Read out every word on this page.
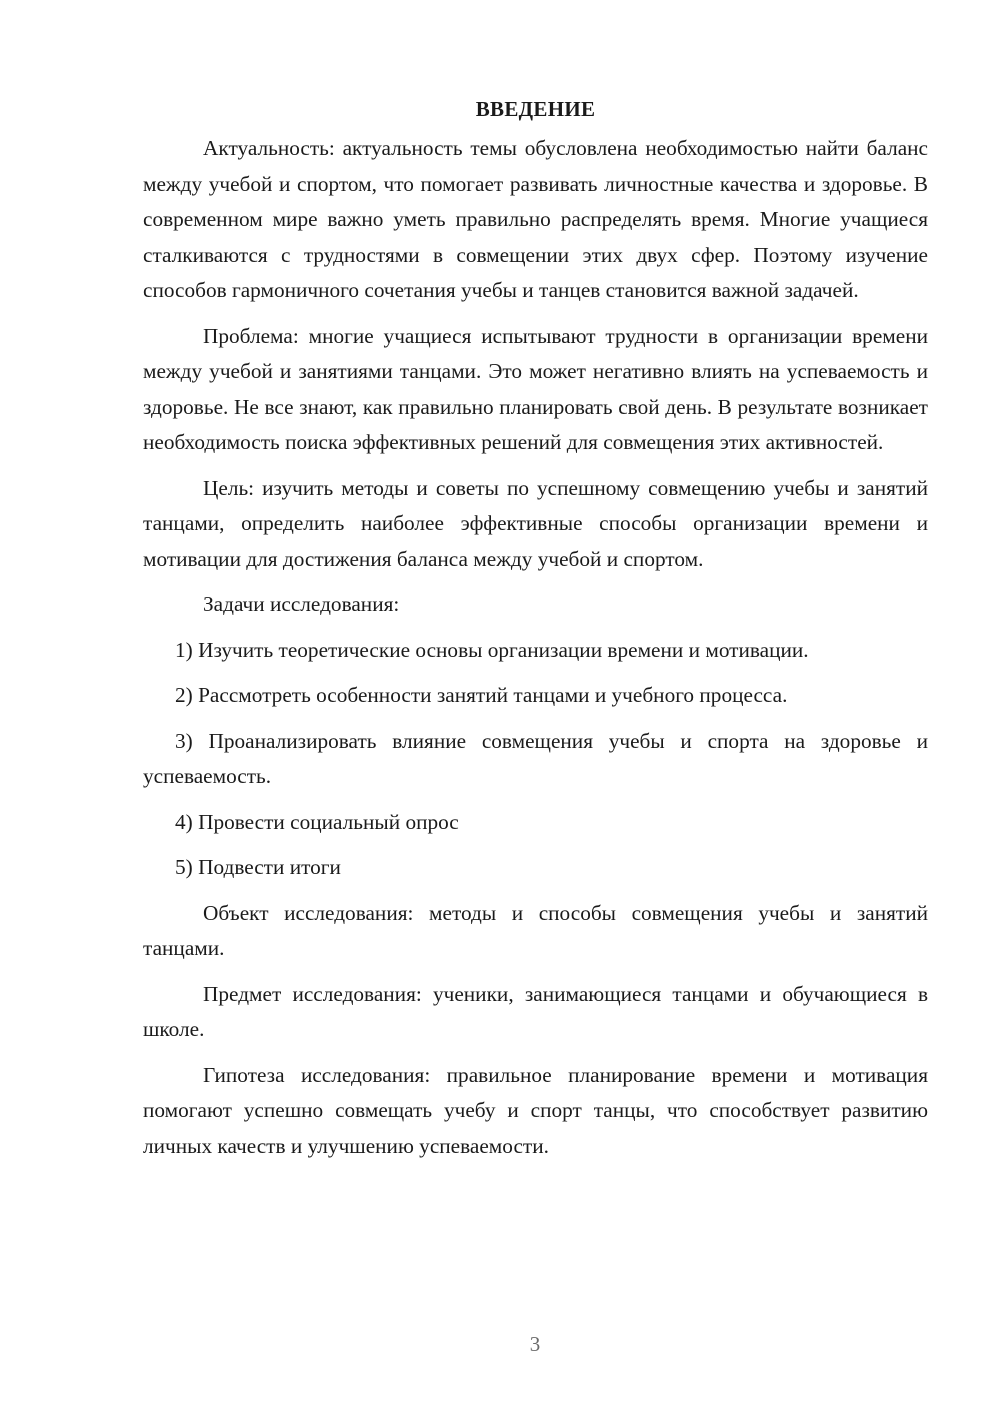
ВВЕДЕНИЕ

Актуальность: актуальность темы обусловлена необходимостью найти баланс между учебой и спортом, что помогает развивать личностные качества и здоровье. В современном мире важно уметь правильно распределять время. Многие учащиеся сталкиваются с трудностями в совмещении этих двух сфер. Поэтому изучение способов гармоничного сочетания учебы и танцев становится важной задачей.

Проблема: многие учащиеся испытывают трудности в организации времени между учебой и занятиями танцами. Это может негативно влиять на успеваемость и здоровье. Не все знают, как правильно планировать свой день. В результате возникает необходимость поиска эффективных решений для совмещения этих активностей.

Цель: изучить методы и советы по успешному совмещению учебы и занятий танцами, определить наиболее эффективные способы организации времени и мотивации для достижения баланса между учебой и спортом.

Задачи исследования:

1) Изучить теоретические основы организации времени и мотивации.

2) Рассмотреть особенности занятий танцами и учебного процесса.

3) Проанализировать влияние совмещения учебы и спорта на здоровье и успеваемость.

4) Провести социальный опрос

5) Подвести итоги

Объект исследования: методы и способы совмещения учебы и занятий танцами.

Предмет исследования: ученики, занимающиеся танцами и обучающиеся в школе.

Гипотеза исследования: правильное планирование времени и мотивация помогают успешно совмещать учебу и спорт танцы, что способствует развитию личных качеств и улучшению успеваемости.

3
